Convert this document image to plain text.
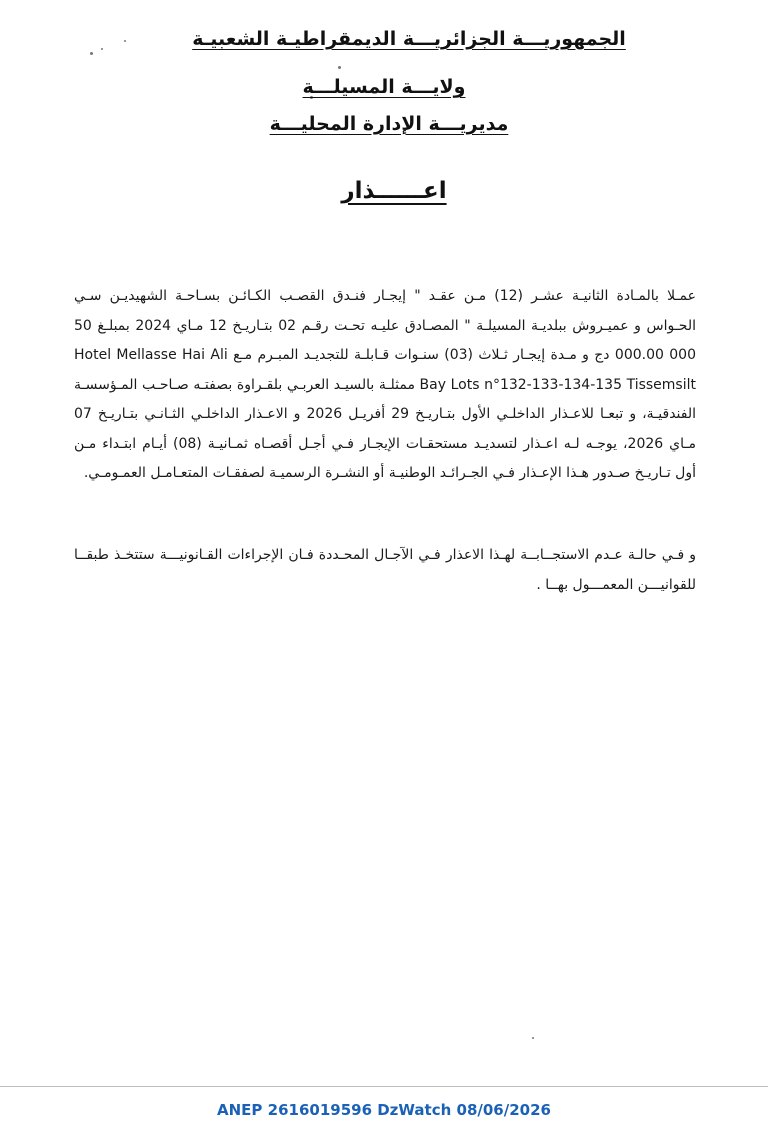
الجمهوريـــة الجزائريـــة الديمقراطيـة الشعبيـة
ولايـــة المسيلـــة
مديريـــة الإدارة المحليـــة
اعــــــذار
عمـلا بالمـادة الثانيـة عشـر (12) مـن عقـد " إيجـار فنـدق القصـب الكـائـن بسـاحـة الشهيديـن سـي الحـواس و عميـروش ببلديـة المسيلـة " المصـادق عليـه تحـت رقـم 02 بتـاريـخ 12 مـاي 2024 بمبلـغ 50 000 000.00 دج و مـدة إيجـار ثـلاث (03) سنـوات قـابلـة للتجديـد المبـرم مـع Hotel Mellasse Hai Ali Bay Lots n°132-133-134-135 Tissemsilt ممثلـة بالسيـد العربـي بلقـراوة بصفتـه صـاحـب المـؤسسـة الفندقيـة، و تبعـا للاعـذار الداخلـي الأول بتـاريـخ 29 أفريـل 2026 و الاعـذار الداخلـي الثـانـي بتـاريـخ 07 مـاي 2026، يوجـه لـه اعـذار لتسديـد مستحقـات الإيجـار فـي أجـل أقصـاه ثمـانيـة (08) أيـام ابتـداء مـن أول تـاريـخ صـدور هـذا الإعـذار فـي الجـرائـد الوطنيـة أو النشـرة الرسميـة لصفقـات المتعـامـل العمـومـي.
و فـي حالـة عـدم الاستجــابــة لهـذا الاعذار فـي الآجـال المحـددة فـان الإجراءات القـانونيـــة ستتخـذ طبقــا للقوانيـــن المعمـــول بهــا .
ANEP 2616019596 DzWatch 08/06/2026
